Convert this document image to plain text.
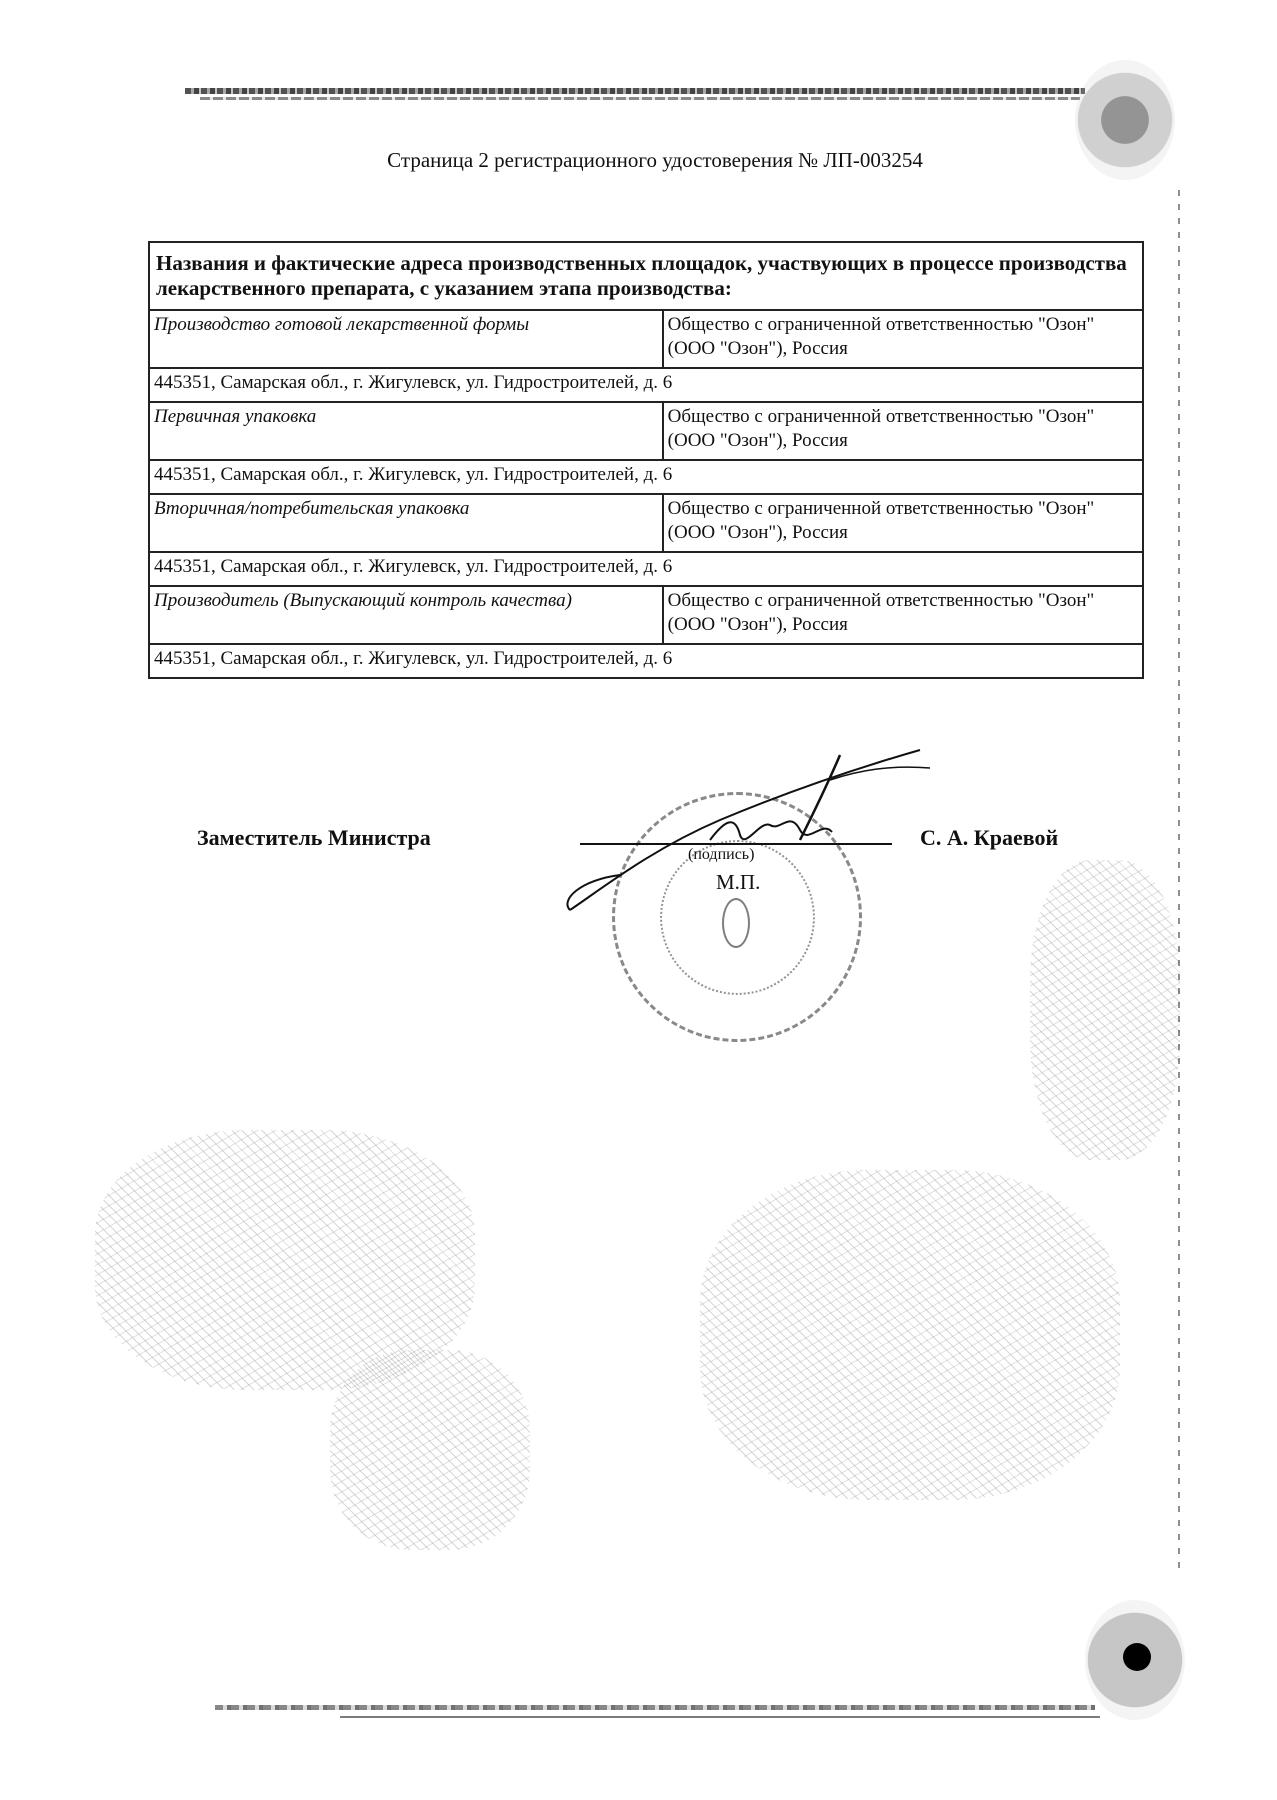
Страница 2 регистрационного удостоверения № ЛП-003254
Названия и фактические адреса производственных площадок, участвующих в процессе производства лекарственного препарата, с указанием этапа производства:	
Производство готовой лекарственной формы	Общество с ограниченной ответственностью "Озон" (ООО "Озон"), Россия
445351, Самарская обл., г. Жигулевск, ул. Гидростроителей, д. 6	
Первичная упаковка	Общество с ограниченной ответственностью "Озон" (ООО "Озон"), Россия
445351, Самарская обл., г. Жигулевск, ул. Гидростроителей, д. 6	
Вторичная/потребительская упаковка	Общество с ограниченной ответственностью "Озон" (ООО "Озон"), Россия
445351, Самарская обл., г. Жигулевск, ул. Гидростроителей, д. 6	
Производитель (Выпускающий контроль качества)	Общество с ограниченной ответственностью "Озон" (ООО "Озон"), Россия
445351, Самарская обл., г. Жигулевск, ул. Гидростроителей, д. 6	
Заместитель Министра	С. А. Краевой
(подпись)
М.П.
